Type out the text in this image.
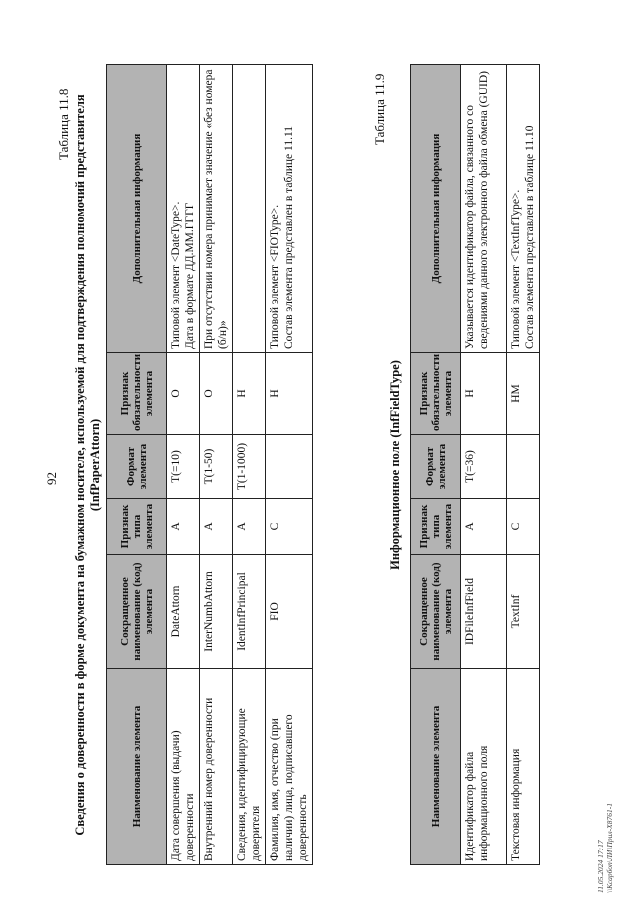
92
Таблица 11.8 Сведения о доверенности в форме документа на бумажном носителе, используемой для подтверждения полномочий представителя (InfPaperAttorn)
Наименование элемента	Сокращенное наименование (код) элемента	Признак типа элемента	Формат элемента	Признак обязательности элемента	Дополнительная информация
Дата совершения (выдачи) доверенности	DateAttorn	А	T(=10)	О	Типовой элемент <DateType>. Дата в формате ДД.ММ.ГГГГ

Внутренний номер доверенности	InterNumbAttorn	А	T(1-50)	О	При отсутствии номера принимает значение «без номера (б/н)»

Сведения, идентифицирующие доверителя	IdentInfPrincipal	А	T(1-1000)	Н	
Фамилия, имя, отчество (при наличии) лица, подписавшего доверенность	FIO	С		Н	Типовой элемент <FIOType>. Состав элемента представлен в таблице 11.11
Таблица 11.9
Информационное поле (InfFieldType)
Наименование элемента	Сокращенное наименование (код) элемента	Признак типа элемента	Формат элемента	Признак обязательности элемента	Дополнительная информация
Идентификатор файла информационного поля	IDFileInfField	А	T(=36)	Н	Указывается идентификатор файла, связанного со сведениями данного электронного файла обмена (GUID)
Текстовая информация	TextInf	С		НМ	Типовой элемент <TextInfType>. Состав элемента представлен в таблице 11.10
11.05.2024 17:17 \\Ксарбоп\ЛИ\Прил-Х8761-1
